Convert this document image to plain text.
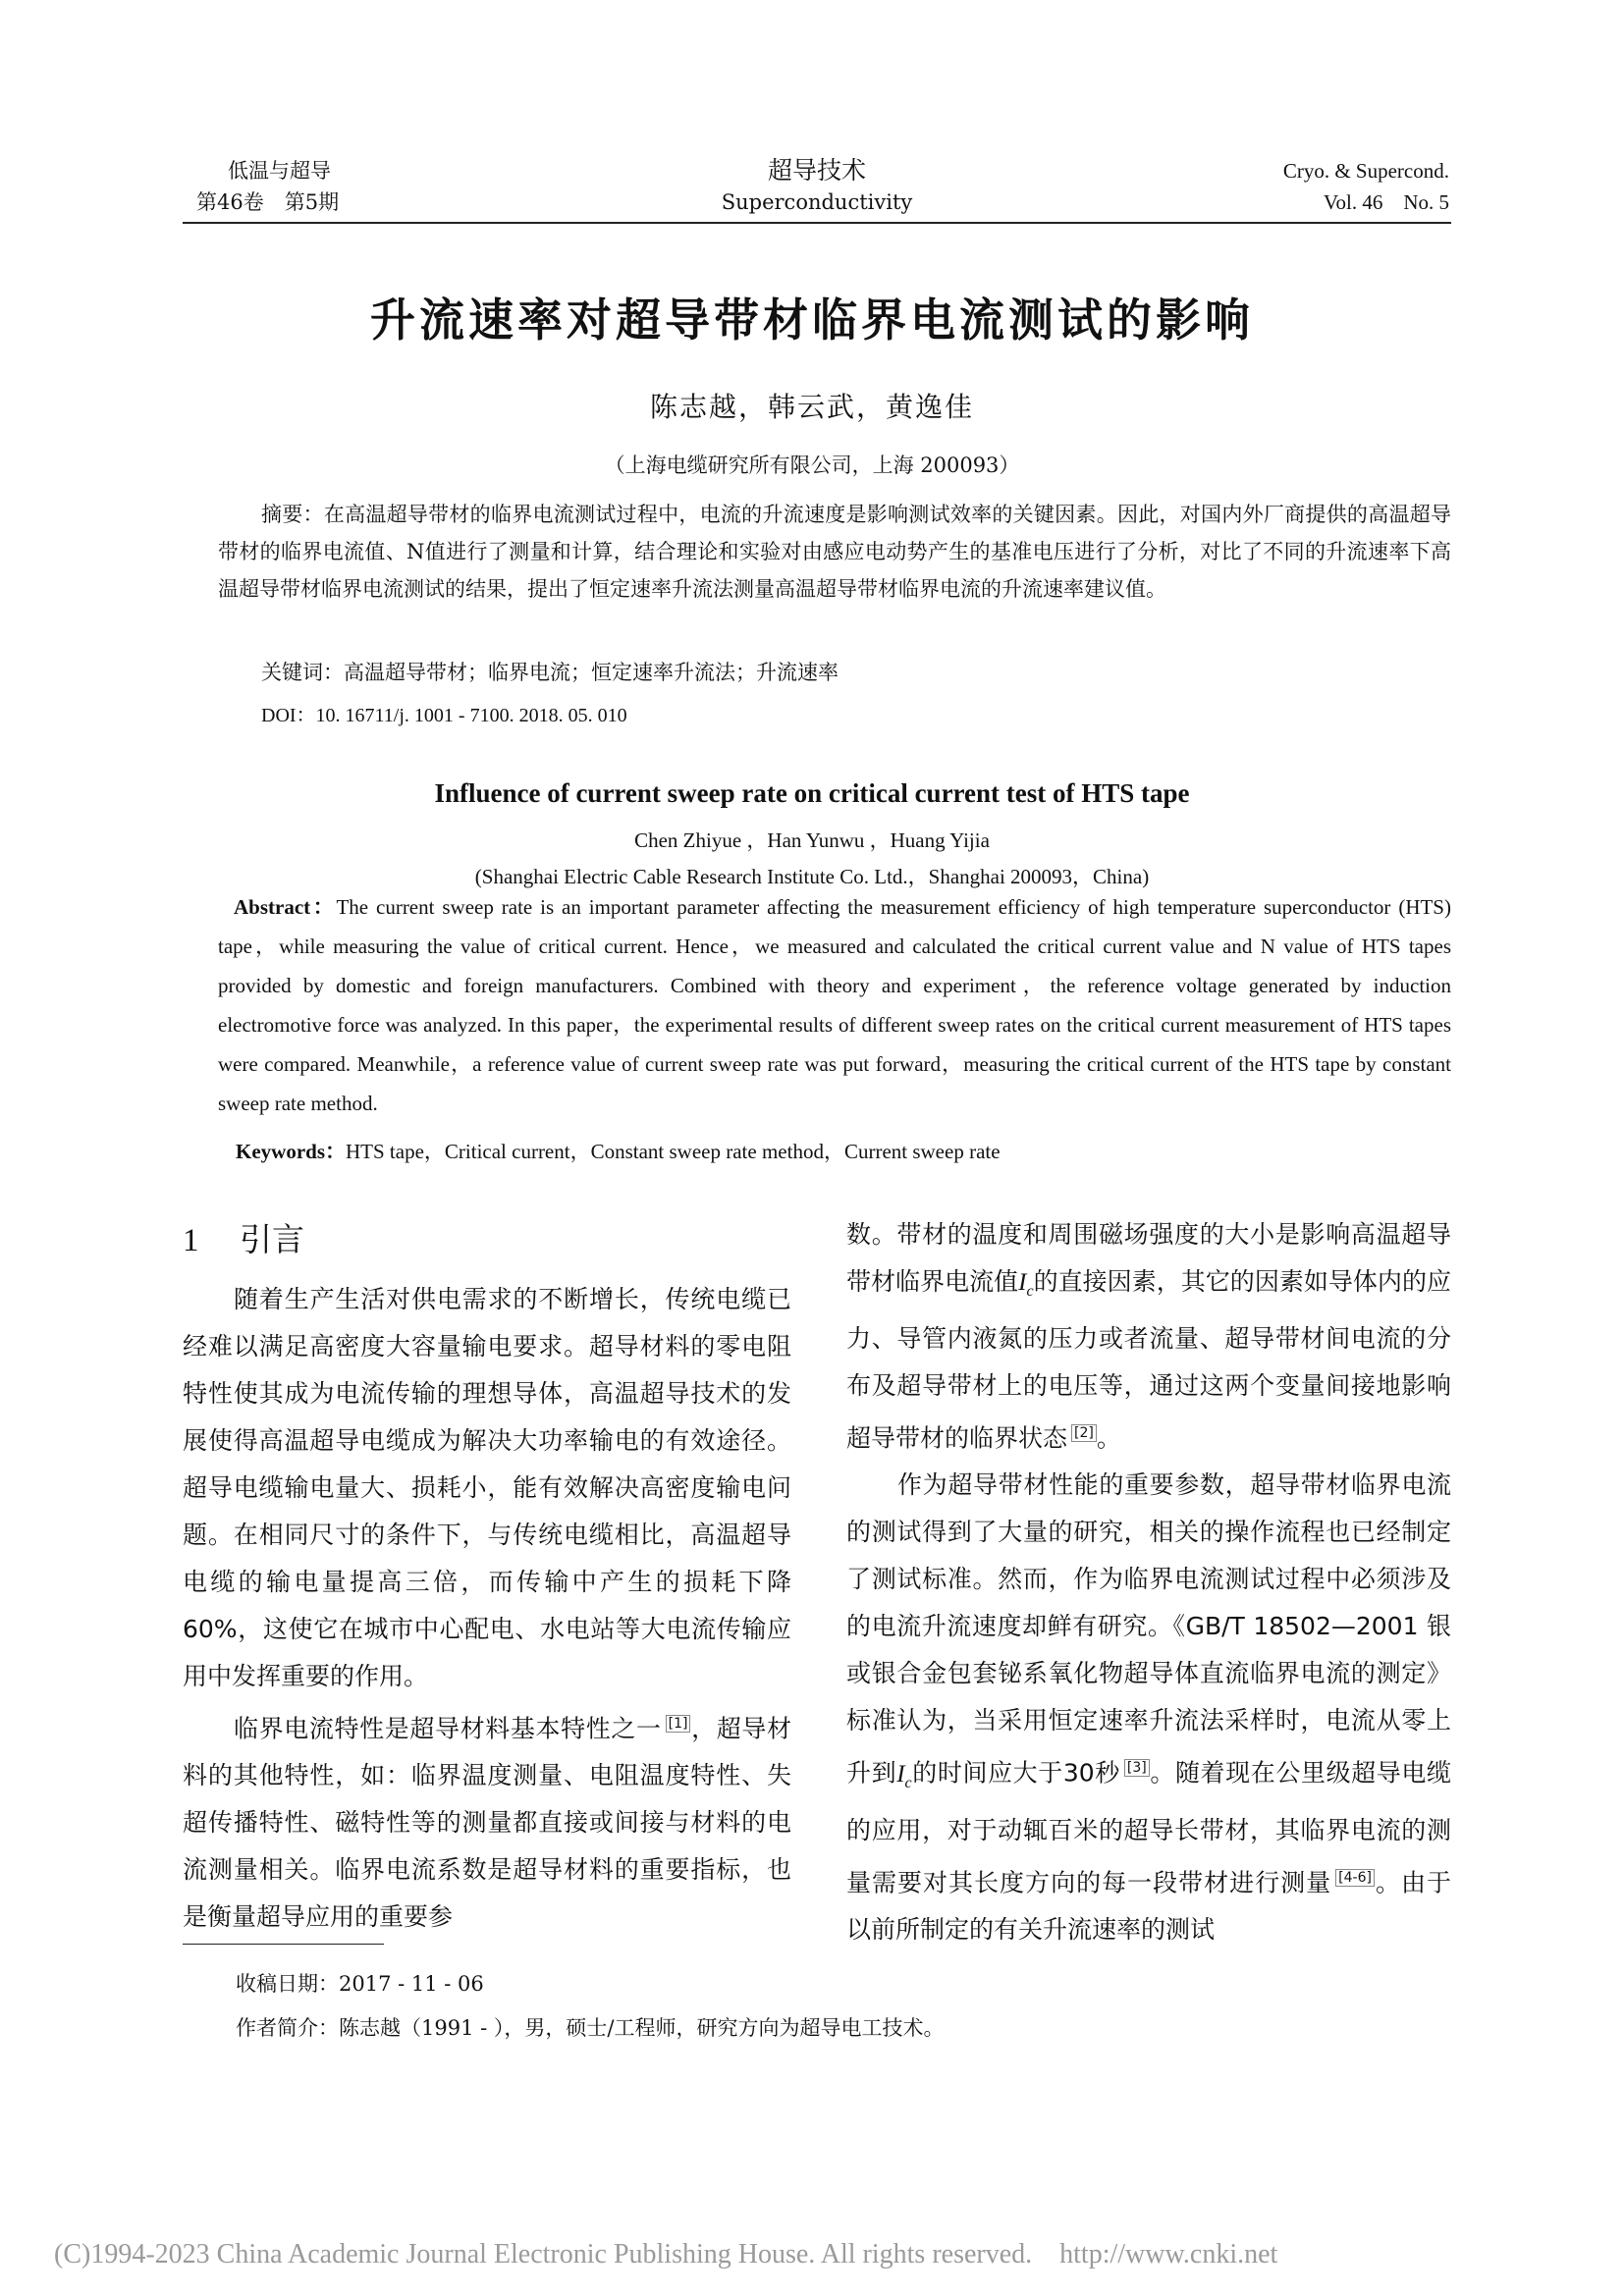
低温与超导
第46卷　第5期
超导技术
Superconductivity
Cryo. & Supercond.
Vol. 46　No. 5
升流速率对超导带材临界电流测试的影响
陈志越，韩云武，黄逸佳
（上海电缆研究所有限公司，上海 200093）

摘要：在高温超导带材的临界电流测试过程中，电流的升流速度是影响测试效率的关键因素。因此，对国内外厂商提供的高温超导带材的临界电流值、N值进行了测量和计算，结合理论和实验对由感应电动势产生的基准电压进行了分析，对比了不同的升流速率下高温超导带材临界电流测试的结果，提出了恒定速率升流法测量高温超导带材临界电流的升流速率建议值。

关键词：高温超导带材；临界电流；恒定速率升流法；升流速率
DOI：10. 16711/j. 1001 - 7100. 2018. 05. 010
Influence of current sweep rate on critical current test of HTS tape
Chen Zhiyue ，Han Yunwu ，Huang Yijia
(Shanghai Electric Cable Research Institute Co. Ltd.，Shanghai 200093，China)
Abstract：The current sweep rate is an important parameter affecting the measurement efficiency of high temperature superconductor (HTS) tape，while measuring the value of critical current. Hence，we measured and calculated the critical current value and N value of HTS tapes provided by domestic and foreign manufacturers. Combined with theory and experiment，the reference voltage generated by induction electromotive force was analyzed. In this paper，the experimental results of different sweep rates on the critical current measurement of HTS tapes were compared. Meanwhile，a reference value of current sweep rate was put forward，measuring the critical current of the HTS tape by constant sweep rate method.
Keywords：HTS tape，Critical current，Constant sweep rate method，Current sweep rate
1 引言

随着生产生活对供电需求的不断增长，传统电缆已经难以满足高密度大容量输电要求。超导材料的零电阻特性使其成为电流传输的理想导体，高温超导技术的发展使得高温超导电缆成为解决大功率输电的有效途径。超导电缆输电量大、损耗小，能有效解决高密度输电问题。在相同尺寸的条件下，与传统电缆相比，高温超导电缆的输电量提高三倍，而传输中产生的损耗下降60%，这使它在城市中心配电、水电站等大电流传输应用中发挥重要的作用。

临界电流特性是超导材料基本特性之一 [1] ，超导材料的其他特性，如：临界温度测量、电阻温度特性、失超传播特性、磁特性等的测量都直接或间接与材料的电流测量相关。临界电流系数是超导材料的重要指标，也是衡量超导应用的重要参

数。带材的温度和周围磁场强度的大小是影响高温超导带材临界电流值$I_c$的直接因素，其它的因素如导体内的应力、导管内液氮的压力或者流量、超导带材间电流的分布及超导带材上的电压等，通过这两个变量间接地影响超导带材的临界状态 [2] 。

作为超导带材性能的重要参数，超导带材临界电流的测试得到了大量的研究，相关的操作流程也已经制定了测试标准。然而，作为临界电流测试过程中必须涉及的电流升流速度却鲜有研究。《GB/T 18502—2001 银或银合金包套铋系氧化物超导体直流临界电流的测定》标准认为，当采用恒定速率升流法采样时，电流从零上升到$I_c$的时间应大于30秒 [3] 。随着现在公里级超导电缆的应用，对于动辄百米的超导长带材，其临界电流的测量需要对其长度方向的每一段带材进行测量 [4-6] 。由于以前所制定的有关升流速率的测试

收稿日期：2017 - 11 - 06
作者简介：陈志越（1991 - ），男，硕士/工程师，研究方向为超导电工技术。
(C)1994-2023 China Academic Journal Electronic Publishing House. All rights reserved.　http://www.cnki.net
